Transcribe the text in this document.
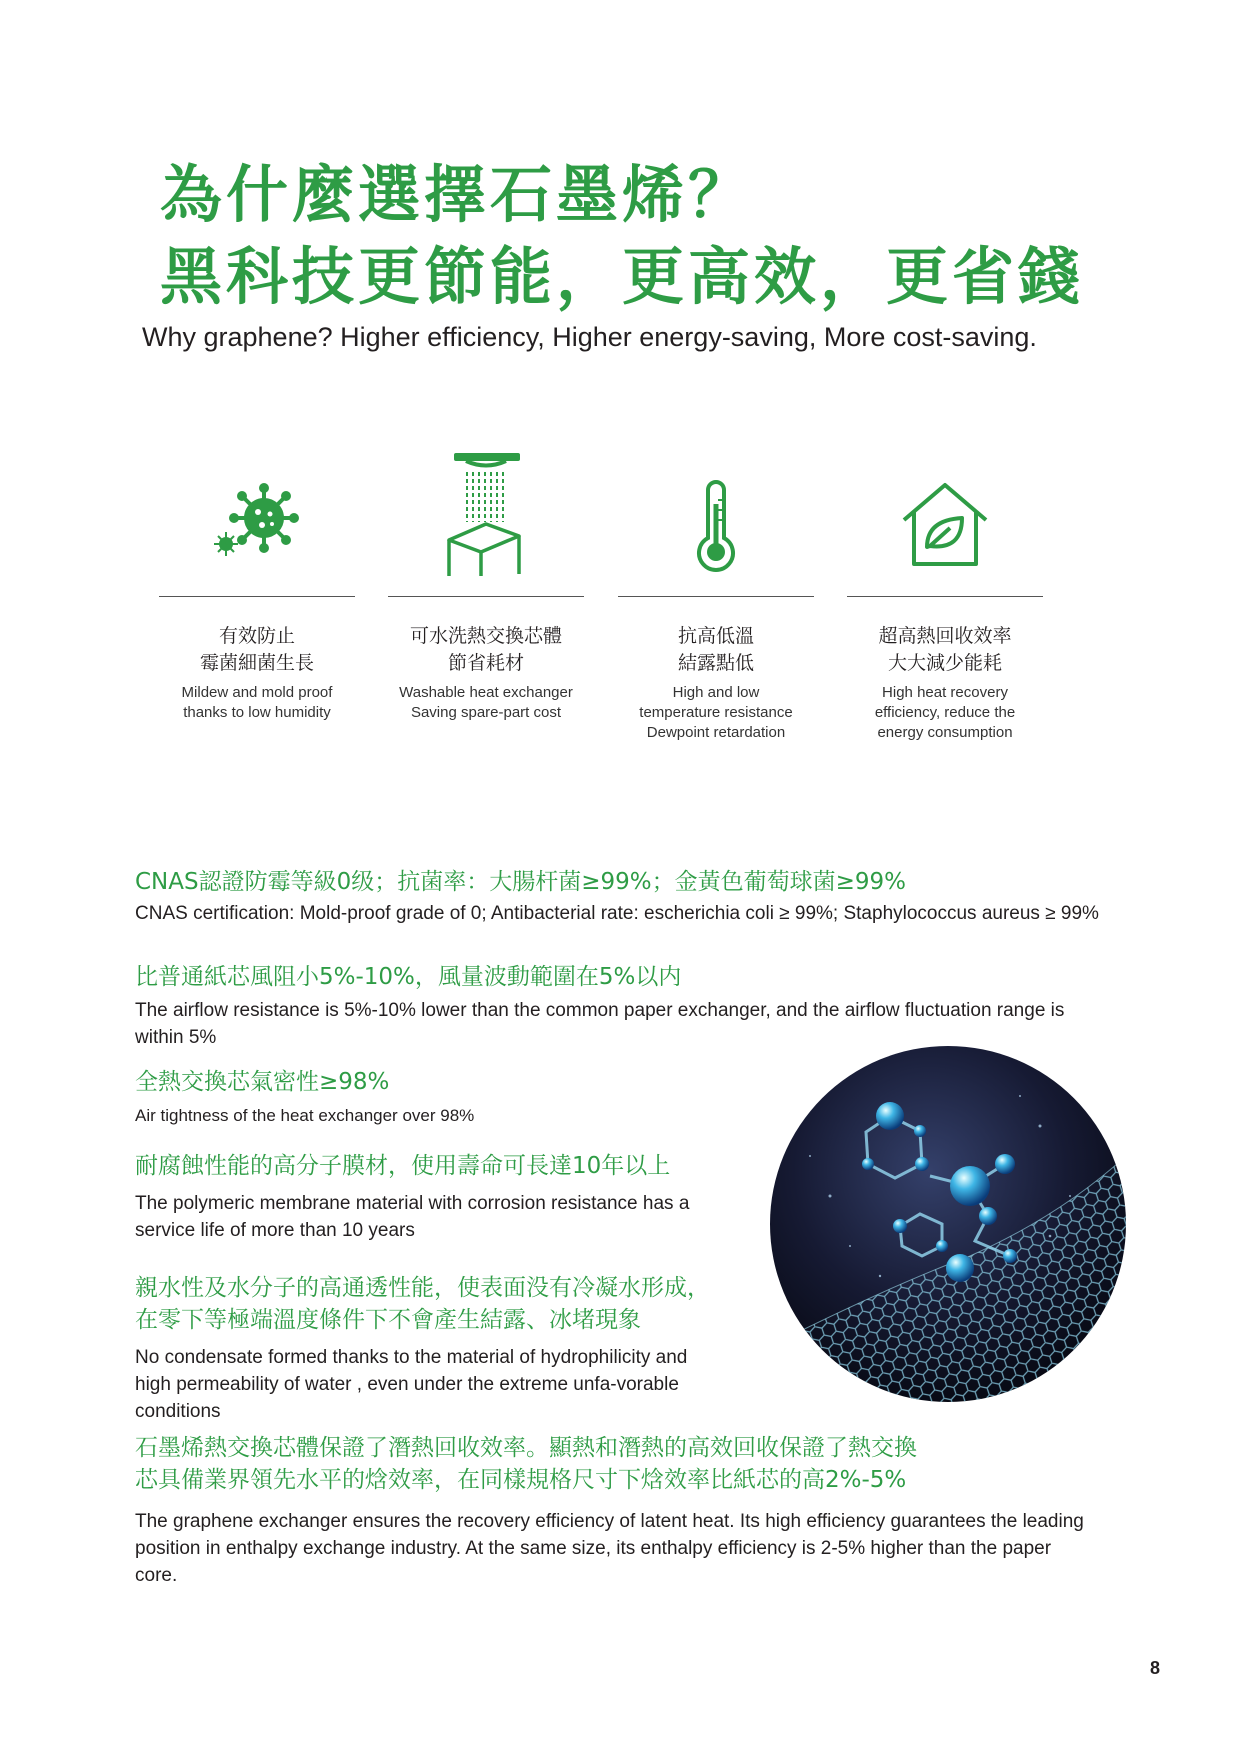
為什麼選擇石墨烯？
黑科技更節能，更高效，更省錢
Why graphene? Higher efficiency, Higher energy-saving, More cost-saving.
有效防止
霉菌細菌生長
Mildew and mold proof
thanks to low humidity
可水洗熱交換芯體
節省耗材
Washable heat exchanger
Saving spare-part cost
抗高低溫
結露點低
High and low
temperature resistance
Dewpoint retardation
超高熱回收效率
大大減少能耗
High heat recovery
efficiency, reduce the
energy consumption
CNAS認證防霉等級0级；抗菌率：大腸杆菌≥99%；金黃色葡萄球菌≥99%
CNAS certification: Mold-proof grade of 0; Antibacterial rate: escherichia coli ≥ 99%; Staphylococcus aureus ≥ 99%
比普通紙芯風阻小5%-10%，風量波動範圍在5%以内
The airflow resistance is 5%-10% lower than the common paper exchanger, and the airflow fluctuation range is within 5%
全熱交換芯氣密性≥98%
Air tightness of the heat exchanger over 98%
耐腐蝕性能的高分子膜材，使用壽命可長達10年以上
The polymeric membrane material with corrosion resistance has a service life of more than 10 years
親水性及水分子的高通透性能，使表面没有冷凝水形成，
在零下等極端溫度條件下不會產生結露、冰堵現象
No condensate formed thanks to the material of hydrophilicity and high permeability of water , even under the extreme unfa-vorable conditions
石墨烯熱交換芯體保證了潛熱回收效率。顯熱和潛熱的高效回收保證了熱交換
芯具備業界領先水平的焓效率，在同樣規格尺寸下焓效率比紙芯的高2%-5%
The graphene exchanger ensures the recovery efficiency of latent heat. Its high efficiency guarantees the leading position in enthalpy exchange industry. At the same size, its enthalpy efficiency is 2-5% higher than the paper core.
8
